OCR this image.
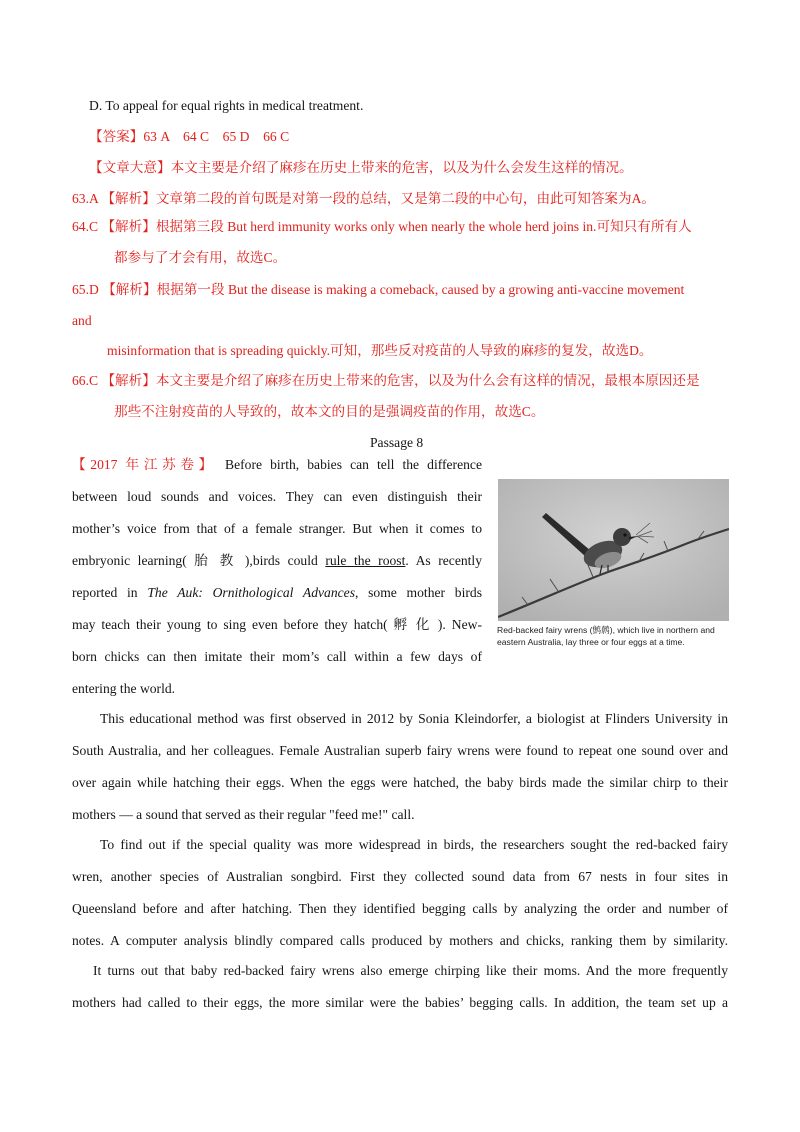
D. To appeal for equal rights in medical treatment.
【答案】63 A    64 C    65 D    66 C
【文章大意】本文主要是介绍了麻疹在历史上带来的危害，以及为什么会发生这样的情况。
63.A 【解析】文章第二段的首句既是对第一段的总结，又是第二段的中心句，由此可知答案为A。
64.C 【解析】根据第三段 But herd immunity works only when nearly the whole herd joins in.可知只有所有人
都参与了才会有用，故选C。
65.D 【解析】根据第一段 But the disease is making a comeback, caused by a growing anti-vaccine movement
and
misinformation that is spreading quickly.可知，那些反对疫苗的人导致的麻疹的复发，故选D。
66.C 【解析】本文主要是介绍了麻疹在历史上带来的危害，以及为什么会有这样的情况，最根本原因还是
那些不注射疫苗的人导致的，故本文的目的是强调疫苗的作用，故选C。
Passage 8
【2017 年江苏卷】 Before birth, babies can tell the difference
between loud sounds and voices. They can even distinguish their
mother’s voice from that of a female stranger. But when it comes to
embryonic learning( 胎 教 ),birds could rule the roost. As recently
reported in The Auk: Ornithological Advances, some mother birds
may teach their young to sing even before they hatch( 孵 化 ). New-
born chicks can then imitate their mom’s call within a few days of
entering the world.
Red-backed fairy wrens (鹪鹩), which live in northern and
eastern Australia, lay three or four eggs at a time.
This educational method was first observed in 2012 by Sonia Kleindorfer, a biologist at Flinders University in
South Australia, and her colleagues. Female Australian superb fairy wrens were found to repeat one sound over and
over again while hatching their eggs. When the eggs were hatched, the baby birds made the similar chirp to their
mothers — a sound that served as their regular "feed me!" call.
To find out if the special quality was more widespread in birds, the researchers sought the red-backed fairy
wren, another species of Australian songbird. First they collected sound data from 67 nests in four sites in
Queensland before and after hatching. Then they identified begging calls by analyzing the order and number of
notes. A computer analysis blindly compared calls produced by mothers and chicks, ranking them by similarity.
It turns out that baby red-backed fairy wrens also emerge chirping like their moms. And the more frequently
mothers had called to their eggs, the more similar were the babies’ begging calls. In addition, the team set up a
